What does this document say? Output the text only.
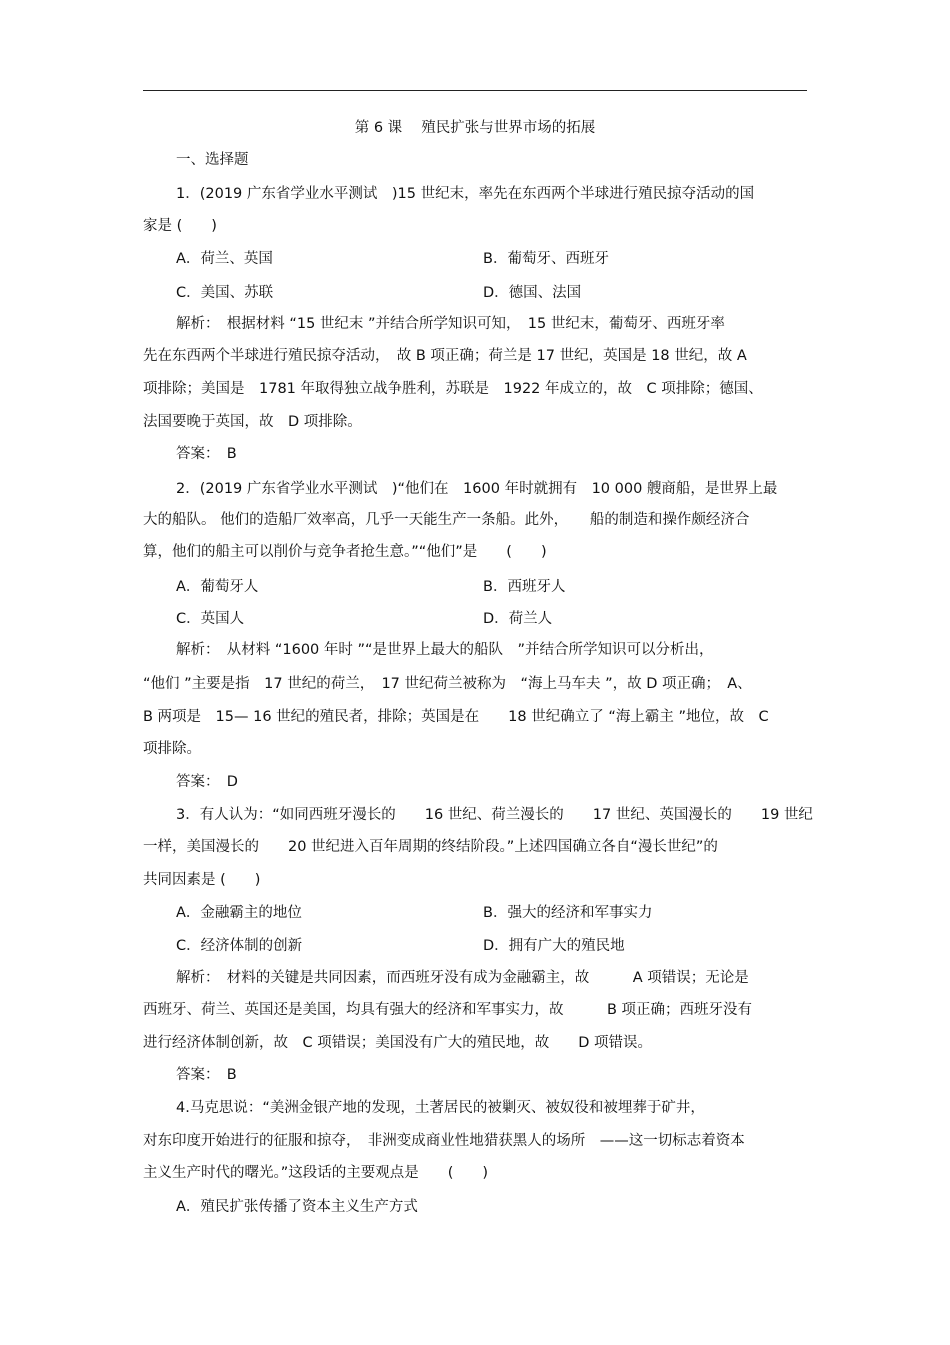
第 6 课　 殖民扩张与世界市场的拓展
一、选择题
1．(2019 广东省学业水平测试　)15 世纪末，率先在东西两个半球进行殖民掠夺活动的国
家是 (　　)
A．荷兰、英国	B．葡萄牙、西班牙
C．美国、苏联	D．德国、法国
解析：　根据材料 “15 世纪末 ”并结合所学知识可知，　15 世纪末，葡萄牙、西班牙率
先在东西两个半球进行殖民掠夺活动，　故 B 项正确；荷兰是 17 世纪，英国是 18 世纪，故 A
项排除；美国是　1781 年取得独立战争胜利，苏联是　1922 年成立的，故　C 项排除；德国、
法国要晚于英国，故　D 项排除。
答案：　B
2．(2019 广东省学业水平测试　)“他们在　1600 年时就拥有　10 000 艘商船，是世界上最
大的船队。 他们的造船厂效率高，几乎一天能生产一条船。此外，　　船的制造和操作颇经济合
算，他们的船主可以削价与竞争者抢生意。”“他们”是　　(　　)
A．葡萄牙人	B．西班牙人
C．英国人	D．荷兰人
解析：　从材料 “1600 年时 ”“是世界上最大的船队　”并结合所学知识可以分析出，
“他们 ”主要是指　17 世纪的荷兰，　17 世纪荷兰被称为　“海上马车夫 ”，故 D 项正确；　A、
B 两项是　15— 16 世纪的殖民者，排除；英国是在　　18 世纪确立了 “海上霸主 ”地位，故　C
项排除。
答案：　D
3．有人认为：“如同西班牙漫长的　　16 世纪、荷兰漫长的　　17 世纪、英国漫长的　　19 世纪
一样，美国漫长的　　20 世纪进入百年周期的终结阶段。”上述四国确立各自“漫长世纪”的
共同因素是 (　　)
A．金融霸主的地位	B．强大的经济和军事实力
C．经济体制的创新	D．拥有广大的殖民地
解析：　材料的关键是共同因素，而西班牙没有成为金融霸主，故　　　A 项错误；无论是
西班牙、荷兰、英国还是美国，均具有强大的经济和军事实力，故　　　B 项正确；西班牙没有
进行经济体制创新，故　C 项错误；美国没有广大的殖民地，故　　D 项错误。
答案：　B
4.马克思说：“美洲金银产地的发现，土著居民的被剿灭、被奴役和被埋葬于矿井，
对东印度开始进行的征服和掠夺，　非洲变成商业性地猎获黑人的场所　——这一切标志着资本
主义生产时代的曙光。”这段话的主要观点是　　(　　)
A．殖民扩张传播了资本主义生产方式
